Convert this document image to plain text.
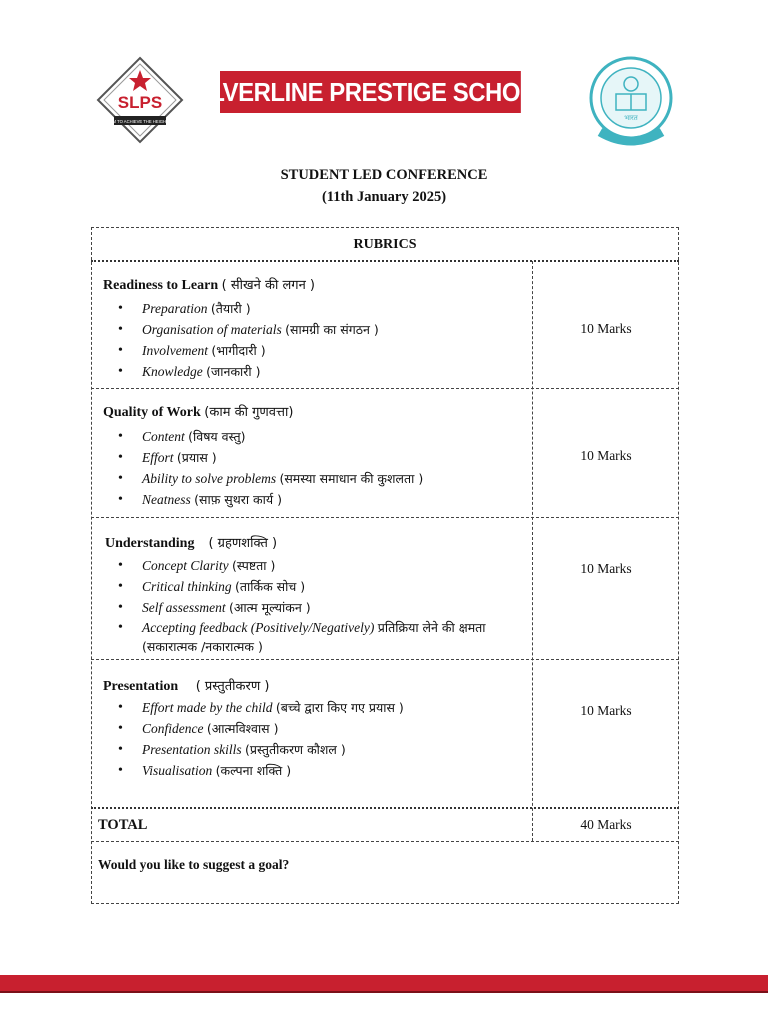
SLPS
AIM TO ACHIEVE THE HEIGHTS
SILVERLINE PRESTIGE SCHOOL
भारत
STUDENT LED CONFERENCE
(11th January 2025)
RUBRICS
Readiness to Learn ( सीखने की लगन )
• Preparation (तैयारी )
• Organisation of materials (सामग्री का संगठन )
• Involvement (भागीदारी )
• Knowledge (जानकारी )
10 Marks
Quality of Work (काम की गुणवत्ता)
• Content (विषय वस्तु)
• Effort (प्रयास )
• Ability to solve problems (समस्या समाधान की कुशलता )
• Neatness (साफ़ सुथरा कार्य )
10 Marks
Understanding ( ग्रहणशक्ति )
• Concept Clarity (स्पष्टता )
• Critical thinking (तार्किक सोच )
• Self assessment (आत्म मूल्यांकन )
• Accepting feedback (Positively/Negatively) प्रतिक्रिया लेने की क्षमता (सकारात्मक /नकारात्मक )
10 Marks
Presentation ( प्रस्तुतीकरण )
• Effort made by the child (बच्चे द्वारा किए गए प्रयास )
• Confidence (आत्मविश्वास )
• Presentation skills (प्रस्तुतीकरण कौशल )
• Visualisation (कल्पना शक्ति )
10 Marks
TOTAL	40 Marks
Would you like to suggest a goal?
